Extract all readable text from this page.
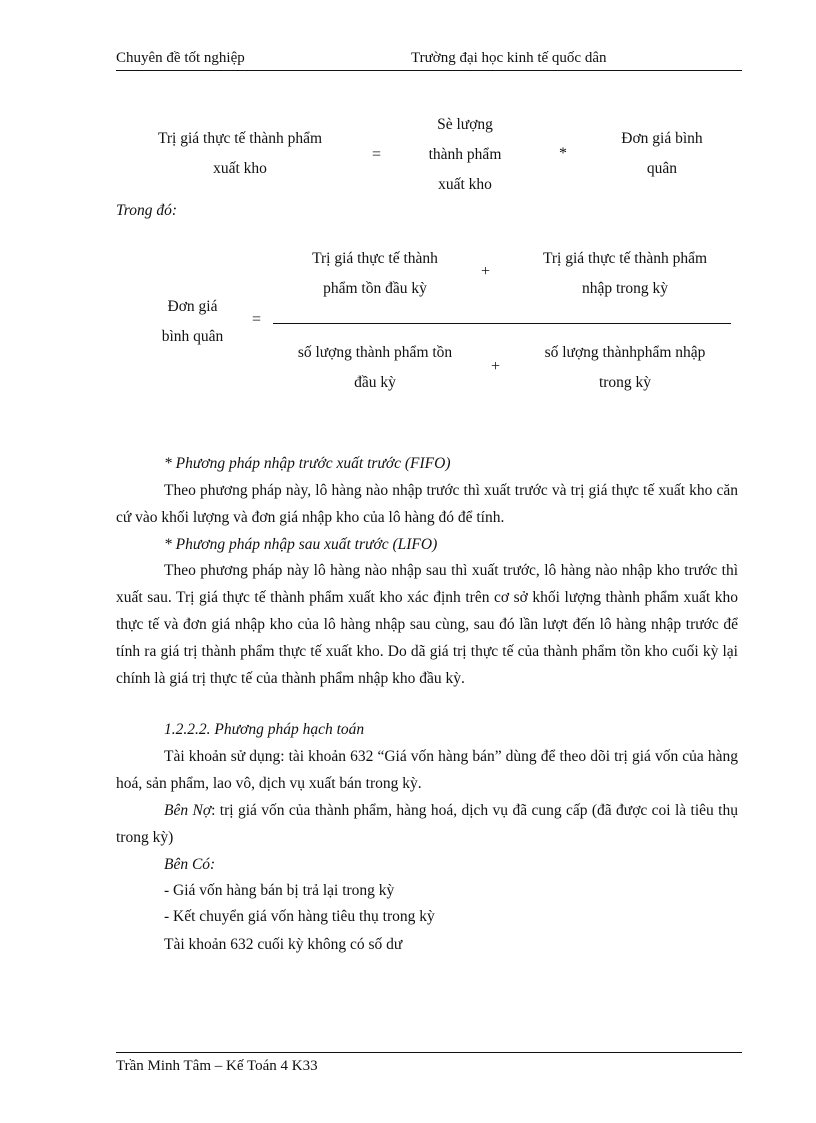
Chuyên đề tốt nghiệp	Trường đại học kinh tế quốc dân
Trị giá thực tế thành phẩm
xuất kho
=
Sè lượng
thành phẩm
xuất kho
*
Đơn giá bình
quân
Trong đó:
Đơn giá
bình quân
=
Trị giá thực tế thành
phẩm tồn đầu kỳ
+
Trị giá thực tế thành phẩm
nhập trong kỳ
số lượng thành phẩm tồn
đầu kỳ
+
số lượng thànhphẩm nhập
trong kỳ
* Phương pháp nhập trước xuất trước (FIFO)

Theo phương pháp này, lô hàng nào nhập trước thì xuất trước và trị giá thực tế xuất kho căn cứ vào khối lượng và đơn giá nhập kho của lô hàng đó để tính.

* Phương pháp nhập sau xuất trước (LIFO)

Theo phương pháp này lô hàng nào nhập sau thì xuất trước, lô hàng nào nhập kho trước thì xuất sau. Trị giá thực tế thành phẩm xuất kho xác định trên cơ sở khối lượng thành phẩm xuất kho thực tế và đơn giá nhập kho của lô hàng nhập sau cùng, sau đó lần lượt đến lô hàng nhập trước để tính ra giá trị thành phẩm thực tế xuất kho. Do dã giá trị thực tế của thành phẩm tồn kho cuối kỳ lại chính là giá trị thực tế của thành phẩm nhập kho đầu kỳ.

1.2.2.2. Phương pháp hạch toán

Tài khoản sử dụng: tài khoản 632 “Giá vốn hàng bán” dùng để theo dõi trị giá vốn của hàng hoá, sản phẩm, lao vô, dịch vụ xuất bán trong kỳ.

Bên Nợ: trị giá vốn của thành phẩm, hàng hoá, dịch vụ đã cung cấp (đã được coi là tiêu thụ trong kỳ)

Bên Có:
- Giá vốn hàng bán bị trả lại trong kỳ
- Kết chuyển giá vốn hàng tiêu thụ trong kỳ
Tài khoản 632 cuối kỳ không có số dư
Trần Minh Tâm – Kế Toán 4 K33
